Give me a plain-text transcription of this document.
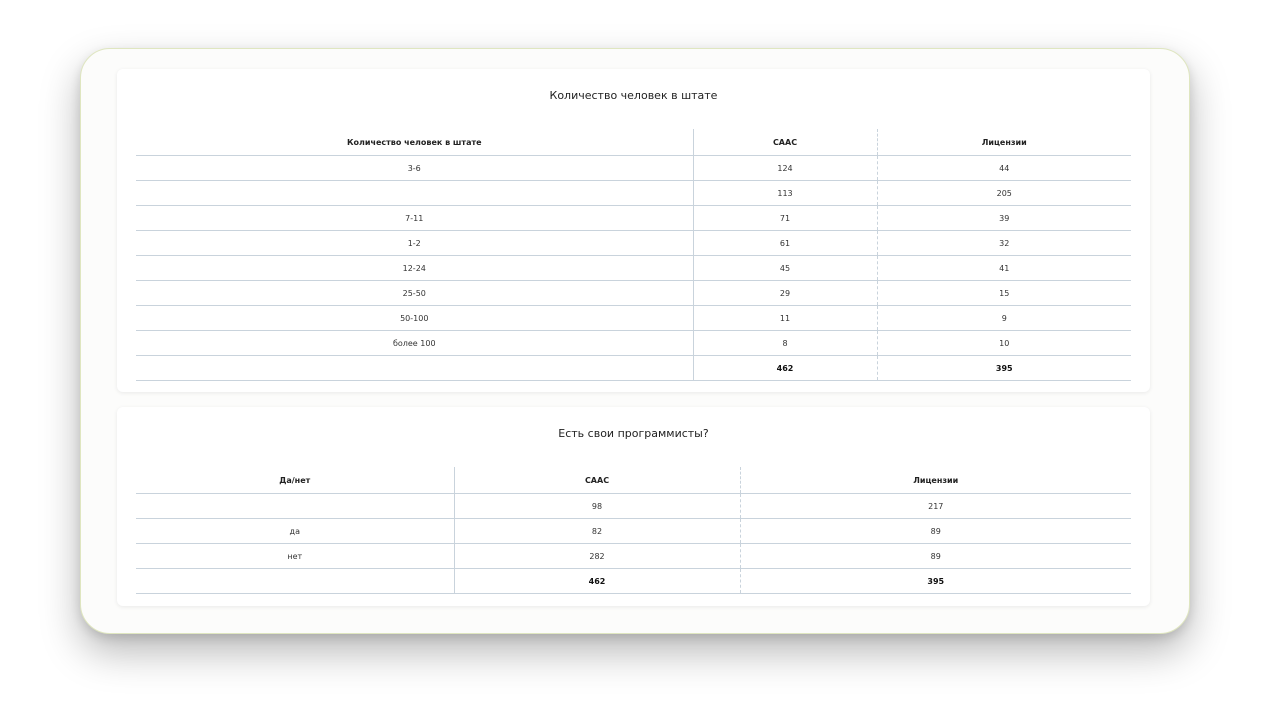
Количество человек в штате
Количество человек в штате	САAC	Лицензии
3-6	124	44
	113	205
7-11	71	39
1-2	61	32
12-24	45	41
25-50	29	15
50-100	11	9
более 100	8	10
	462	395
Есть свои программисты?
Да/нет	САAC	Лицензии
	98	217
да	82	89
нет	282	89
	462	395
